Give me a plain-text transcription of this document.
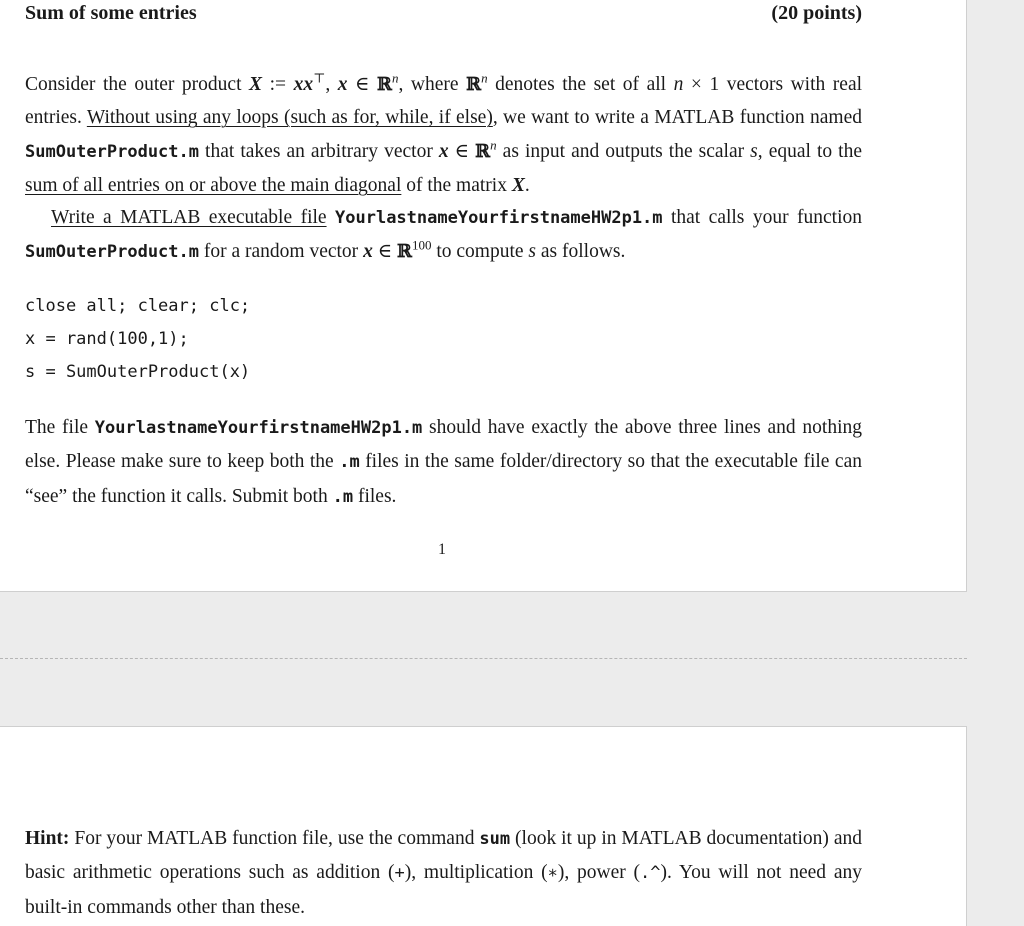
Sum of some entries	(20 points)
Consider the outer product X := xx⊤, x ∈ ℝ$^n$, where ℝ$^n$ denotes the set of all n × 1 vectors with real entries. Without using any loops (such as for, while, if else), we want to write a MATLAB function named SumOuterProduct.m that takes an arbitrary vector x ∈ ℝ$^n$ as input and outputs the scalar s, equal to the sum of all entries on or above the main diagonal of the matrix X.
Write a MATLAB executable file YourlastnameYourfirstnameHW2p1.m that calls your function SumOuterProduct.m for a random vector x ∈ ℝ$^{100}$ to compute s as follows.
close all; clear; clc;
x = rand(100,1);
s = SumOuterProduct(x)
The file YourlastnameYourfirstnameHW2p1.m should have exactly the above three lines and nothing else. Please make sure to keep both the .m files in the same folder/directory so that the executable file can “see” the function it calls. Submit both .m files.
1
Hint: For your MATLAB function file, use the command sum (look it up in MATLAB documentation) and basic arithmetic operations such as addition (+), multiplication (∗), power (.^). You will not need any built-in commands other than these.
